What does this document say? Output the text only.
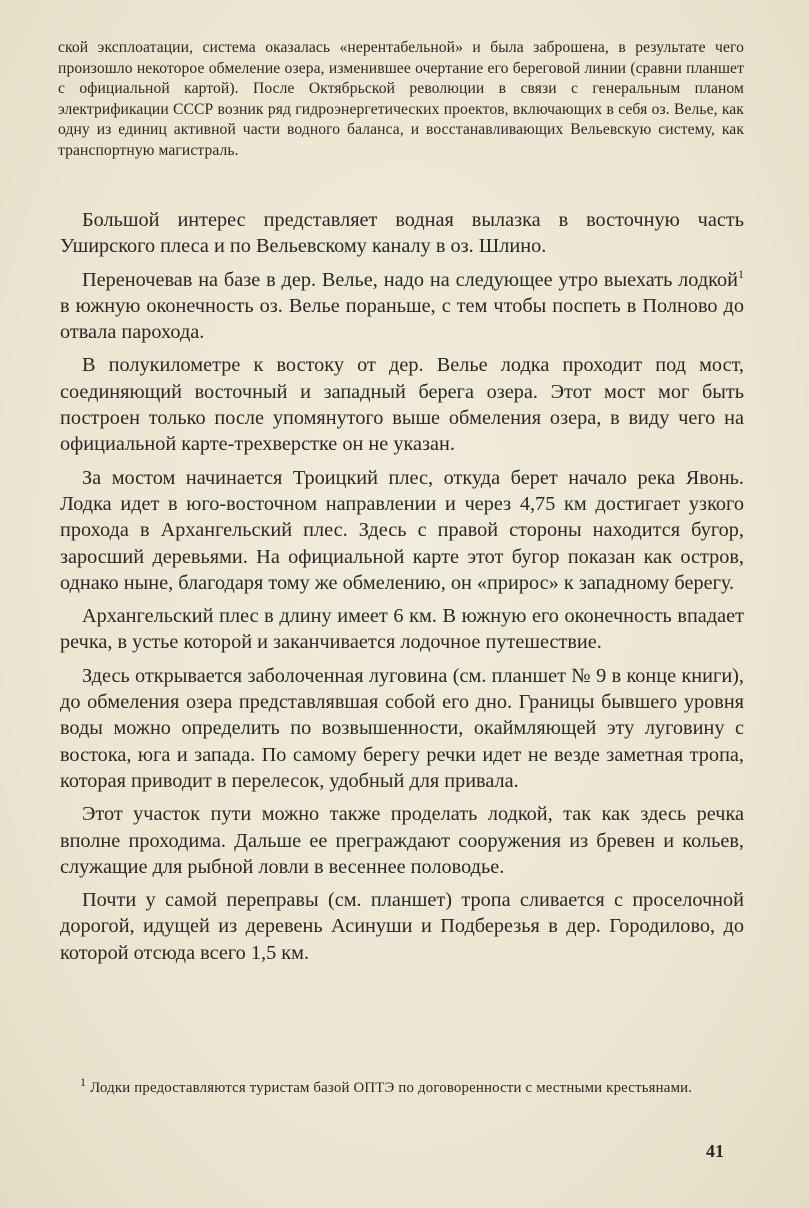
ской эксплоатации, система оказалась «нерентабельной» и была заброшена, в результате чего произошло некоторое обмеление озера, изменившее очертание его береговой линии (сравни планшет с официальной картой). После Октябрьской революции в связи с генеральным планом электрификации СССР возник ряд гидроэнергетических проектов, включающих в себя оз. Велье, как одну из единиц активной части водного баланса, и восстанавливающих Вельевскую систему, как транспортную магистраль.

Большой интерес представляет водная вылазка в восточную часть Уширского плеса и по Вельевскому каналу в оз. Шлино.

Переночевав на базе в дер. Велье, надо на следующее утро выехать лодкой$^1$ в южную оконечность оз. Велье пораньше, с тем чтобы поспеть в Полново до отвала парохода.

В полукилометре к востоку от дер. Велье лодка проходит под мост, соединяющий восточный и западный берега озера. Этот мост мог быть построен только после упомянутого выше обмеления озера, в виду чего на официальной карте-трехверстке он не указан.

За мостом начинается Троицкий плес, откуда берет начало река Явонь. Лодка идет в юго-восточном направлении и через 4,75 км достигает узкого прохода в Архангельский плес. Здесь с правой стороны находится бугор, заросший деревьями. На официальной карте этот бугор показан как остров, однако ныне, благодаря тому же обмелению, он «прирос» к западному берегу.

Архангельский плес в длину имеет 6 км. В южную его оконечность впадает речка, в устье которой и заканчивается лодочное путешествие.

Здесь открывается заболоченная луговина (см. планшет № 9 в конце книги), до обмеления озера представлявшая собой его дно. Границы бывшего уровня воды можно определить по возвышенности, окаймляющей эту луговину с востока, юга и запада. По самому берегу речки идет не везде заметная тропа, которая приводит в перелесок, удобный для привала.

Этот участок пути можно также проделать лодкой, так как здесь речка вполне проходима. Дальше ее преграждают сооружения из бревен и кольев, служащие для рыбной ловли в весеннее половодье.

Почти у самой переправы (см. планшет) тропа сливается с проселочной дорогой, идущей из деревень Асинуши и Подберезья в дер. Городилово, до которой отсюда всего 1,5 км.

$^1$ Лодки предоставляются туристам базой ОПТЭ по договоренности с местными крестьянами.

41
